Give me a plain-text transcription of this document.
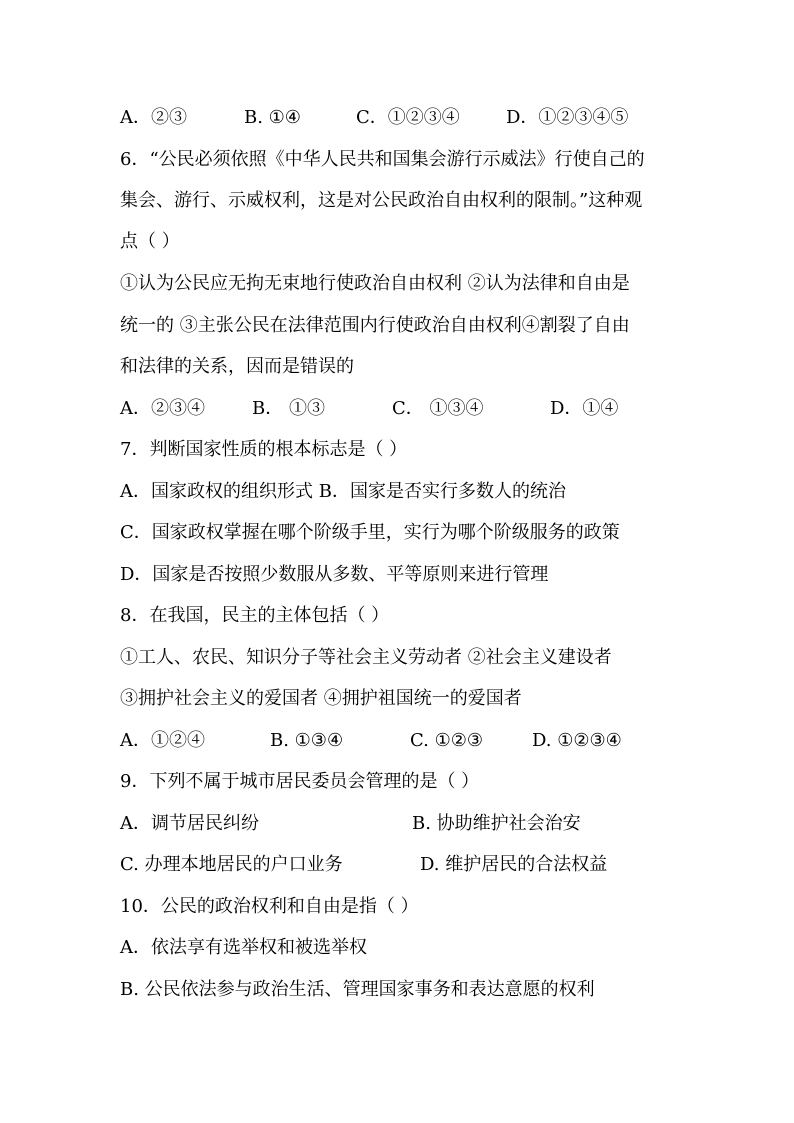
A．②③	B. ①④	C．①②③④	D．①②③④⑤
6．“公民必须依照《中华人民共和国集会游行示威法》行使自己的
集会、游行、示威权利，这是对公民政治自由权利的限制。”这种观
点（ ）
①认为公民应无拘无束地行使政治自由权利 ②认为法律和自由是
统一的 ③主张公民在法律范围内行使政治自由权利④割裂了自由
和法律的关系，因而是错误的
A．②③④	B． ①③	C． ①③④	D．①④
7．判断国家性质的根本标志是（ ）
A．国家政权的组织形式 B．国家是否实行多数人的统治
C．国家政权掌握在哪个阶级手里，实行为哪个阶级服务的政策
D．国家是否按照少数服从多数、平等原则来进行管理
8．在我国，民主的主体包括（ ）
①工人、农民、知识分子等社会主义劳动者 ②社会主义建设者
③拥护社会主义的爱国者 ④拥护祖国统一的爱国者
A．①②④	B. ①③④	C. ①②③	D. ①②③④
9．下列不属于城市居民委员会管理的是（ ）
A．调节居民纠纷	B. 协助维护社会治安
C. 办理本地居民的户口业务	D. 维护居民的合法权益
10．公民的政治权利和自由是指（ ）
A．依法享有选举权和被选举权
B. 公民依法参与政治生活、管理国家事务和表达意愿的权利
